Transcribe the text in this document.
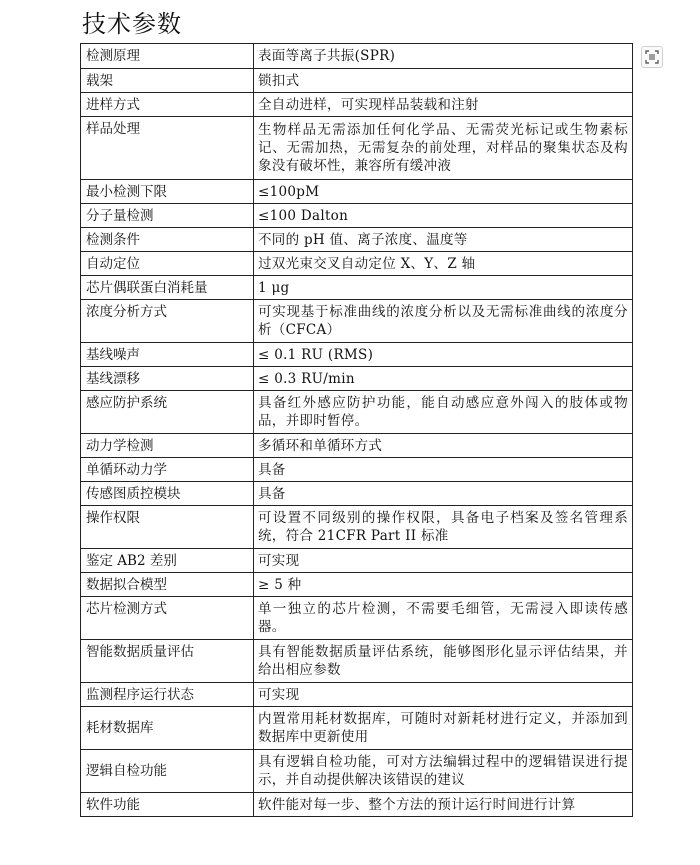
技术参数
检测原理	表面等离子共振(SPR)
载架	锁扣式
进样方式	全自动进样，可实现样品装载和注射
样品处理	生物样品无需添加任何化学品、无需荧光标记或生物素标记、无需加热，无需复杂的前处理，对样品的聚集状态及构象没有破坏性，兼容所有缓冲液
最小检测下限	≤100pM
分子量检测	≤100 Dalton
检测条件	不同的 pH 值、离子浓度、温度等
自动定位	过双光束交叉自动定位 X、Y、Z 轴
芯片偶联蛋白消耗量	1 μg
浓度分析方式	可实现基于标准曲线的浓度分析以及无需标准曲线的浓度分析（CFCA）
基线噪声	≤ 0.1 RU (RMS)
基线漂移	≤ 0.3 RU/min
感应防护系统	具备红外感应防护功能，能自动感应意外闯入的肢体或物品，并即时暂停。
动力学检测	多循环和单循环方式
单循环动力学	具备
传感图质控模块	具备
操作权限	可设置不同级别的操作权限，具备电子档案及签名管理系统，符合 21CFR Part II 标准
鉴定 AB2 差别	可实现
数据拟合模型	≥ 5 种
芯片检测方式	单一独立的芯片检测，不需要毛细管，无需浸入即读传感器。
智能数据质量评估	具有智能数据质量评估系统，能够图形化显示评估结果，并给出相应参数
监测程序运行状态	可实现
耗材数据库	内置常用耗材数据库，可随时对新耗材进行定义，并添加到数据库中更新使用
逻辑自检功能	具有逻辑自检功能，可对方法编辑过程中的逻辑错误进行提示，并自动提供解决该错误的建议
软件功能	软件能对每一步、整个方法的预计运行时间进行计算
